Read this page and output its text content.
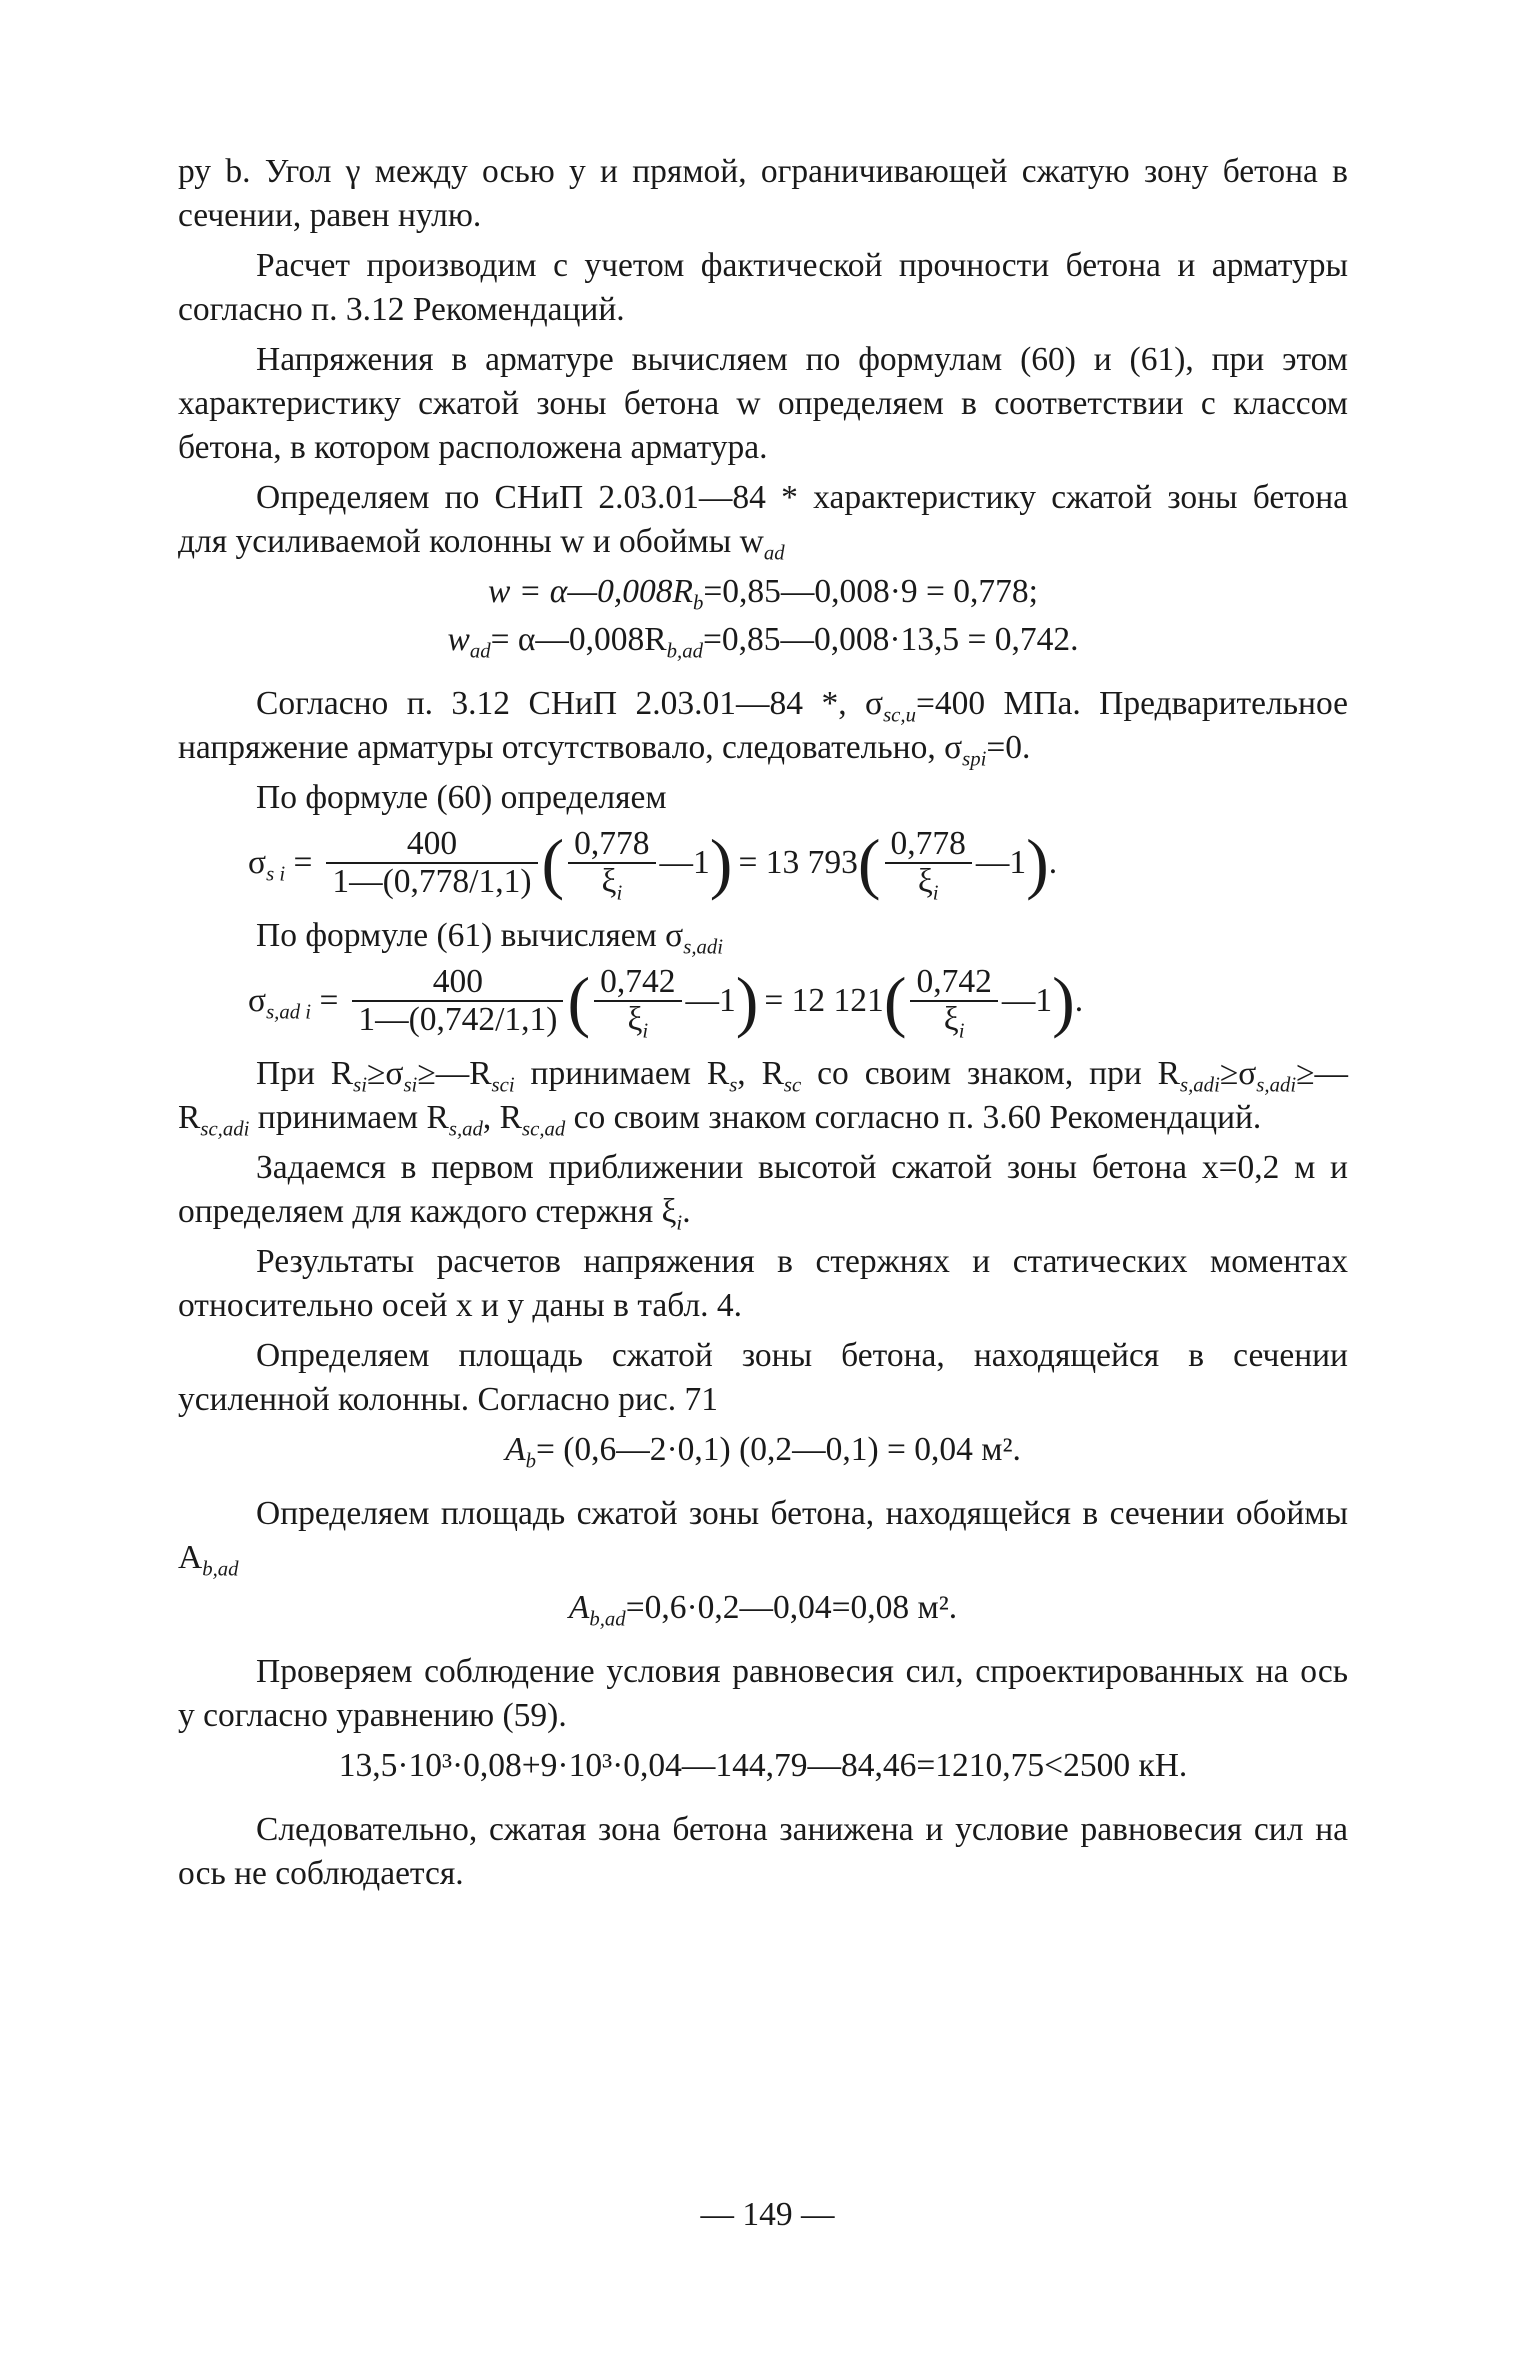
ру b. Угол γ между осью y и прямой, ограничивающей сжатую зону бетона в сечении, равен нулю.

Расчет производим с учетом фактической прочности бетона и арматуры согласно п. 3.12 Рекомендаций.

Напряжения в арматуре вычисляем по формулам (60) и (61), при этом характеристику сжатой зоны бетона w определяем в соответствии с классом бетона, в котором расположена арматура.

Определяем по СНиП 2.03.01—84 * характеристику сжатой зоны бетона для усиливаемой колонны w и обоймы $w_{ad}$

$w = \alpha—0,008R_b=0,85—0,008\cdot 9 = 0,778$;
$w_{ad}=$ $\alpha—0,008R_{b,ad}=0,85—0,008\cdot 13,5 = 0,742$.

Согласно п. 3.12 СНиП 2.03.01—84 *, $\sigma_{sc,u}=400$ МПа. Предварительное напряжение арматуры отсутствовало, следовательно, $\sigma_{spi}=0$.

По формуле (60) определяем

$\sigma_{s i} = \frac{400}{1—(0,778/1,1)}$ ( $\frac{0,778}{\xi_i}$ —1 ) = 13 793 ( $\frac{0,778}{\xi_i}$ —1 ) .

По формуле (61) вычисляем $\sigma_{s,adi}$

$\sigma_{s,ad i} = \frac{400}{1—(0,742/1,1)}$ ( $\frac{0,742}{\xi_i}$ —1 ) = 12 121 ( $\frac{0,742}{\xi_i}$ —1 ) .

При $R_{si}\ge\sigma_{si}\ge—R_{sci}$ принимаем $R_s$, $R_{sc}$ со своим знаком, при $R_{s,adi}\ge\sigma_{s,adi}\ge—R_{sc,adi}$ принимаем $R_{s,ad}$, $R_{sc,ad}$ со своим знаком согласно п. 3.60 Рекомендаций.

Задаемся в первом приближении высотой сжатой зоны бетона x=0,2 м и определяем для каждого стержня $\xi_i$.

Результаты расчетов напряжения в стержнях и статических моментах относительно осей x и y даны в табл. 4.

Определяем площадь сжатой зоны бетона, находящейся в сечении усиленной колонны. Согласно рис. 71

$A_b=$ (0,6—2·0,1) (0,2—0,1) = 0,04 м².

Определяем площадь сжатой зоны бетона, находящейся в сечении обоймы $A_{b,ad}$

$A_{b,ad}=0,6\cdot 0,2—0,04=0,08$ м².

Проверяем соблюдение условия равновесия сил, спроектированных на ось y согласно уравнению (59).

13,5·10³·0,08+9·10³·0,04—144,79—84,46=1210,75<2500 кН.

Следовательно, сжатая зона бетона занижена и условие равновесия сил на ось не соблюдается.

— 149 —
